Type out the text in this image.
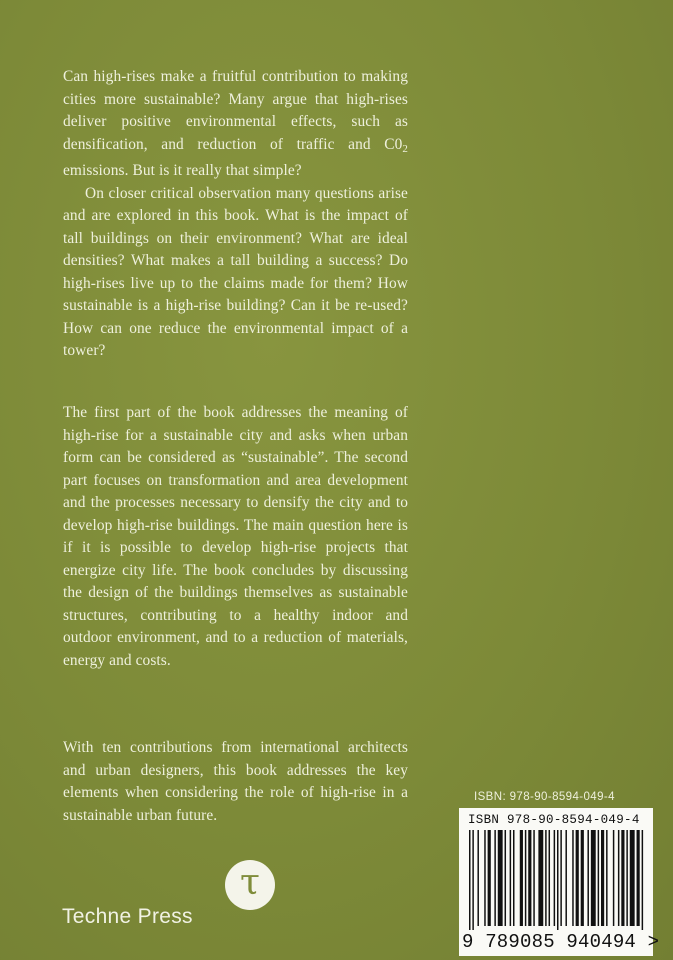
Can high-rises make a fruitful contribution to making cities more sustainable? Many argue that high-rises deliver positive environmental effects, such as densification, and reduction of traffic and $C0_2$ emissions. But is it really that simple?

On closer critical observation many questions arise and are explored in this book. What is the impact of tall buildings on their environment? What are ideal densities? What makes a tall building a success? Do high-rises live up to the claims made for them? How sustainable is a high-rise building? Can it be re-used? How can one reduce the environmental impact of a tower?

The first part of the book addresses the meaning of high-rise for a sustainable city and asks when urban form can be considered as “sustainable”. The second part focuses on transformation and area development and the processes necessary to densify the city and to develop high-rise buildings. The main question here is if it is possible to develop high-rise projects that energize city life. The book concludes by discussing the design of the buildings themselves as sustainable structures, contributing to a healthy indoor and outdoor environment, and to a reduction of materials, energy and costs.

With ten contributions from international architects and urban designers, this book addresses the key elements when considering the role of high-rise in a sustainable urban future.

Techne Press
τ
ISBN: 978-90-8594-049-4
ISBN 978-90-8594-049-4
9 789085 940494 >
